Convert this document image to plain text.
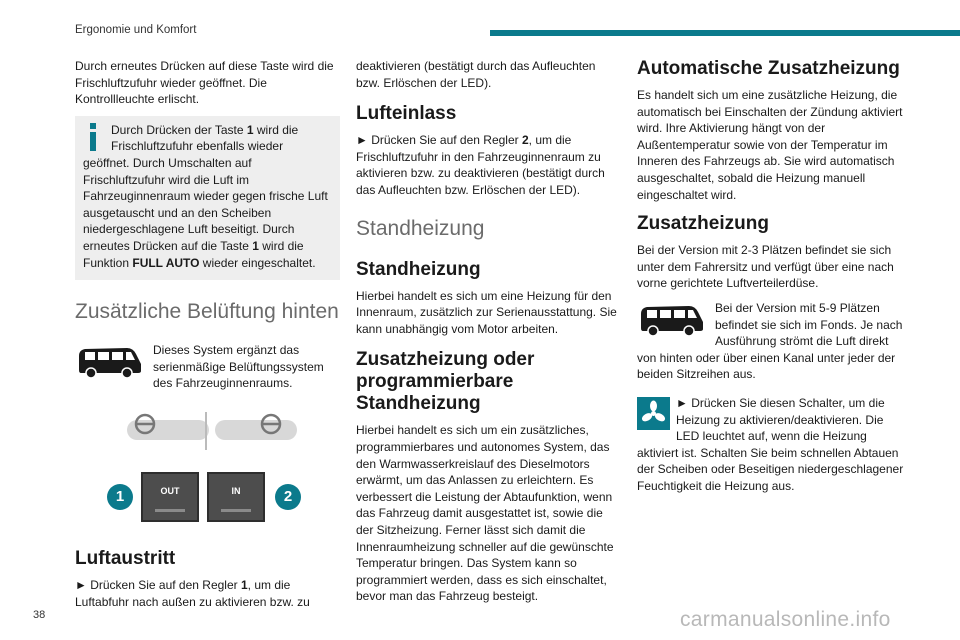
Ergonomie und Komfort

Durch erneutes Drücken auf diese Taste wird die Frischluftzufuhr wieder geöffnet. Die Kontrollleuchte erlischt.

Durch Drücken der Taste 1 wird die Frischluftzufuhr ebenfalls wieder geöffnet. Durch Umschalten auf Frischluftzufuhr wird die Luft im Fahrzeuginnenraum wieder gegen frische Luft ausgetauscht und an den Scheiben niedergeschlagene Luft beseitigt. Durch erneutes Drücken auf die Taste 1 wird die Funktion FULL AUTO wieder eingeschaltet.
Zusätzliche Belüftung hinten

Dieses System ergänzt das serienmäßige Belüftungssystem des Fahrzeuginnenraums.

OUT	IN
1	2
Luftaustritt

► Drücken Sie auf den Regler 1, um die Luftabfuhr nach außen zu aktivieren bzw. zu

deaktivieren (bestätigt durch das Aufleuchten bzw. Erlöschen der LED).

Lufteinlass

► Drücken Sie auf den Regler 2, um die Frischluftzufuhr in den Fahrzeuginnenraum zu aktivieren bzw. zu deaktivieren (bestätigt durch das Aufleuchten bzw. Erlöschen der LED).

Standheizung
Standheizung

Hierbei handelt es sich um eine Heizung für den Innenraum, zusätzlich zur Serienausstattung. Sie kann unabhängig vom Motor arbeiten.

Zusatzheizung oder programmierbare Standheizung

Hierbei handelt es sich um ein zusätzliches, programmierbares und autonomes System, das den Warmwasserkreislauf des Dieselmotors erwärmt, um das Anlassen zu erleichtern. Es verbessert die Leistung der Abtaufunktion, wenn das Fahrzeug damit ausgestattet ist, sowie die der Sitzheizung. Ferner lässt sich damit die Innenraumheizung schneller auf die gewünschte Temperatur bringen. Das System kann so programmiert werden, dass es sich einschaltet, bevor man das Fahrzeug besteigt.

Automatische Zusatzheizung

Es handelt sich um eine zusätzliche Heizung, die automatisch bei Einschalten der Zündung aktiviert wird. Ihre Aktivierung hängt von der Außentemperatur sowie von der Temperatur im Inneren des Fahrzeugs ab. Sie wird automatisch ausgeschaltet, sobald die Heizung manuell eingeschaltet wird.

Zusatzheizung

Bei der Version mit 2-3 Plätzen befindet sie sich unter dem Fahrersitz und verfügt über eine nach vorne gerichtete Luftverteilerdüse.

Bei der Version mit 5-9 Plätzen befindet sie sich im Fonds. Je nach Ausführung strömt die Luft direkt von hinten oder über einen Kanal unter jeder der beiden Sitzreihen aus.

► Drücken Sie diesen Schalter, um die Heizung zu aktivieren/deaktivieren. Die LED leuchtet auf, wenn die Heizung aktiviert ist. Schalten Sie beim schnellen Abtauen der Scheiben oder Beseitigen niedergeschlagener Feuchtigkeit die Heizung aus.

38	carmanualsonline.info
